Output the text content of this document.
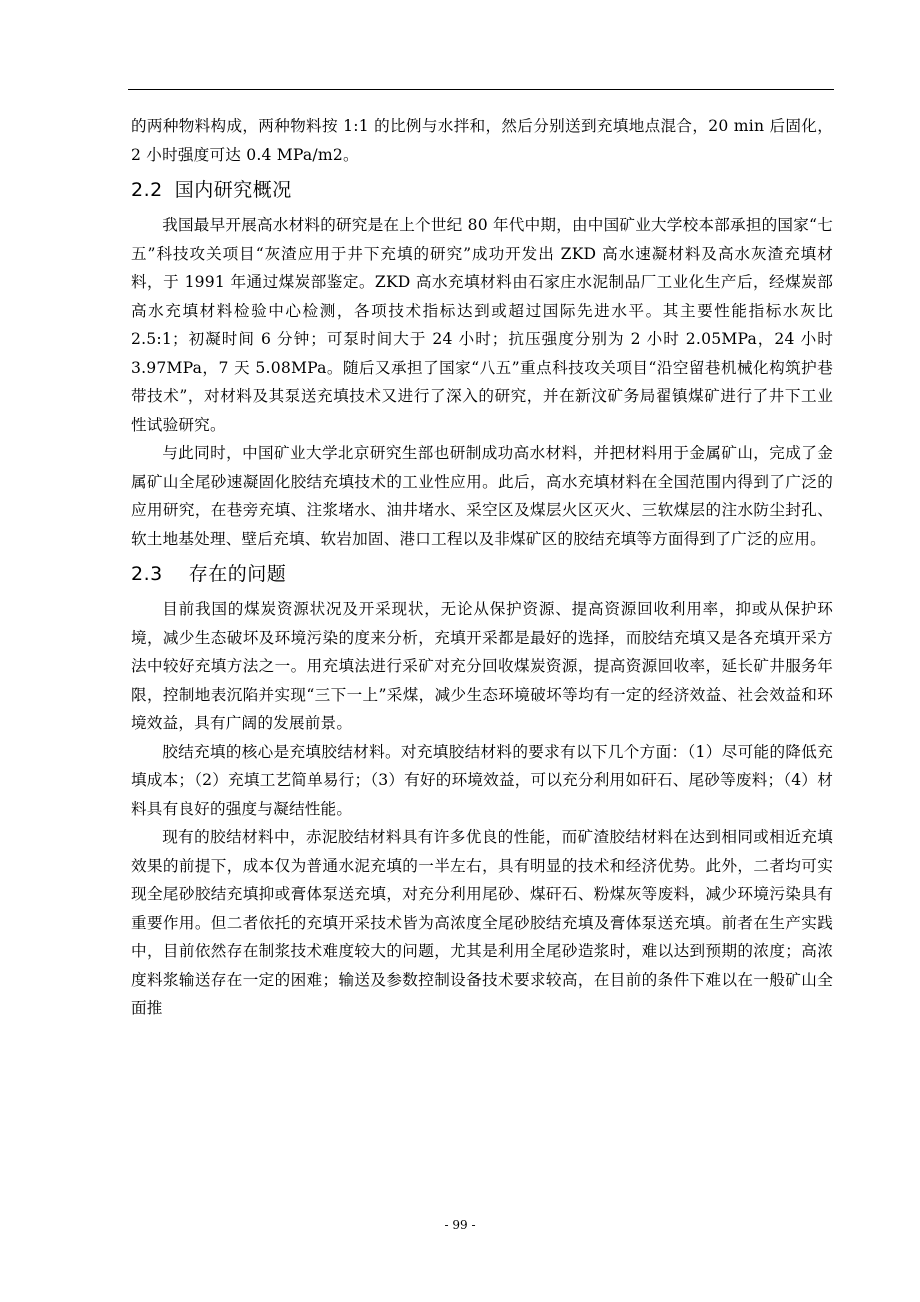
的两种物料构成，两种物料按 1:1 的比例与水拌和，然后分别送到充填地点混合，20 min 后固化，2 小时强度可达 0.4 MPa/m2。

2.2 国内研究概况

我国最早开展高水材料的研究是在上个世纪 80 年代中期，由中国矿业大学校本部承担的国家“七　五”科技攻关项目“灰渣应用于井下充填的研究”成功开发出 ZKD 高水速凝材料及高水灰渣充填材料，于 1991 年通过煤炭部鉴定。ZKD 高水充填材料由石家庄水泥制品厂工业化生产后，经煤炭部高水充填材料检验中心检测，各项技术指标达到或超过国际先进水平。其主要性能指标水灰比 2.5:1；初凝时间 6 分钟；可泵时间大于 24 小时；抗压强度分别为 2 小时 2.05MPa，24 小时 3.97MPa，7 天 5.08MPa。随后又承担了国家“八五”重点科技攻关项目“沿空留巷机械化构筑护巷带技术”，对材料及其泵送充填技术又进行了深入的研究，并在新汶矿务局翟镇煤矿进行了井下工业性试验研究。

与此同时，中国矿业大学北京研究生部也研制成功高水材料，并把材料用于金属矿山，完成了金属矿山全尾砂速凝固化胶结充填技术的工业性应用。此后，高水充填材料在全国范围内得到了广泛的应用研究，在巷旁充填、注浆堵水、油井堵水、采空区及煤层火区灭火、三软煤层的注水防尘封孔、软土地基处理、壁后充填、软岩加固、港口工程以及非煤矿区的胶结充填等方面得到了广泛的应用。

2.3 存在的问题

目前我国的煤炭资源状况及开采现状，无论从保护资源、提高资源回收利用率，抑或从保护环境，减少生态破坏及环境污染的度来分析，充填开采都是最好的选择，而胶结充填又是各充填开采方法中较好充填方法之一。用充填法进行采矿对充分回收煤炭资源，提高资源回收率，延长矿井服务年限，控制地表沉陷并实现“三下一上”采煤，减少生态环境破坏等均有一定的经济效益、社会效益和环境效益，具有广阔的发展前景。

胶结充填的核心是充填胶结材料。对充填胶结材料的要求有以下几个方面：（1）尽可能的降低充填成本；（2）充填工艺简单易行；（3）有好的环境效益，可以充分利用如矸石、尾砂等废料；（4）材料具有良好的强度与凝结性能。

现有的胶结材料中，赤泥胶结材料具有许多优良的性能，而矿渣胶结材料在达到相同或相近充填效果的前提下，成本仅为普通水泥充填的一半左右，具有明显的技术和经济优势。此外，二者均可实现全尾砂胶结充填抑或膏体泵送充填，对充分利用尾砂、煤矸石、粉煤灰等废料，减少环境污染具有重要作用。但二者依托的充填开采技术皆为高浓度全尾砂胶结充填及膏体泵送充填。前者在生产实践中，目前依然存在制浆技术难度较大的问题，尤其是利用全尾砂造浆时，难以达到预期的浓度；高浓度料浆输送存在一定的困难；输送及参数控制设备技术要求较高，在目前的条件下难以在一般矿山全面推

- 99 -
